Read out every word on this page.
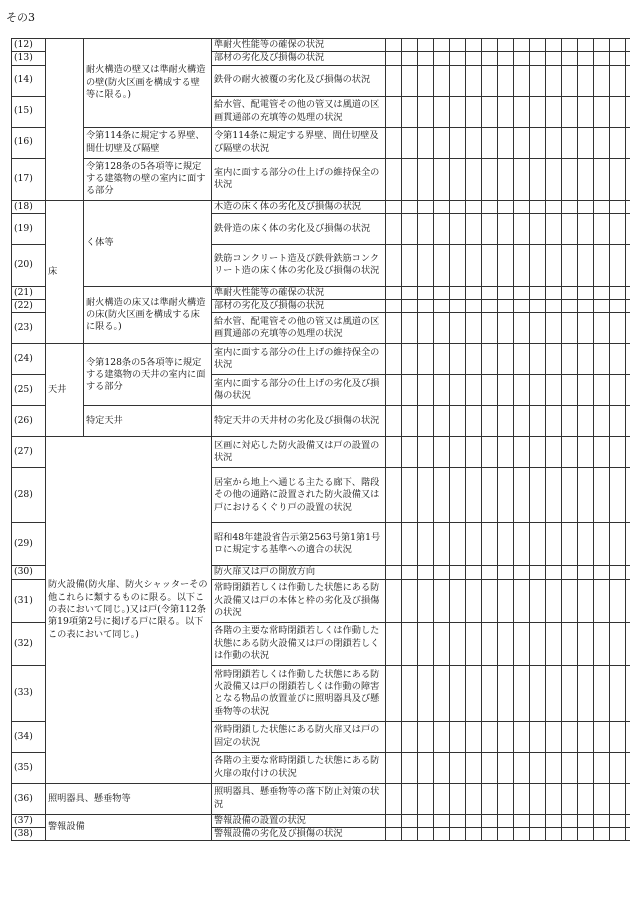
その3
(12)		耐火構造の壁又は準耐火構造の壁(防火区画を構成する壁等に限る。)	準耐火性能等の確保の状況																
(13)			部材の劣化及び損傷の状況																
(14)			鉄骨の耐火被覆の劣化及び損傷の状況																
(15)			給水管、配電管その他の管又は風道の区画貫通部の充填等の処理の状況																
(16)		令第114条に規定する界壁、間仕切壁及び隔壁	令第114条に規定する界壁、間仕切壁及び隔壁の状況																
(17)		令第128条の5各項等に規定する建築物の壁の室内に面する部分	室内に面する部分の仕上げの維持保全の状況																
(18)	床	く体等	木造の床く体の劣化及び損傷の状況																
(19)			鉄骨造の床く体の劣化及び損傷の状況																
(20)			鉄筋コンクリート造及び鉄骨鉄筋コンクリート造の床く体の劣化及び損傷の状況																
(21)		耐火構造の床又は準耐火構造の床(防火区画を構成する床に限る。)	準耐火性能等の確保の状況																
(22)			部材の劣化及び損傷の状況																
(23)			給水管、配電管その他の管又は風道の区画貫通部の充填等の処理の状況																
(24)	天井	令第128条の5各項等に規定する建築物の天井の室内に面する部分	室内に面する部分の仕上げの維持保全の状況																
(25)			室内に面する部分の仕上げの劣化及び損傷の状況																
(26)		特定天井	特定天井の天井材の劣化及び損傷の状況																
(27)	防火設備(防火扉、防火シャッターその他これらに類するものに限る。以下この表において同じ。)又は戸(令第112条第19項第2号に掲げる戸に限る。以下この表において同じ。)		区画に対応した防火設備又は戸の設置の状況																
(28)			居室から地上へ通じる主たる廊下、階段その他の通路に設置された防火設備又は戸におけるくぐり戸の設置の状況																
(29)			昭和48年建設省告示第2563号第1第1号ロに規定する基準への適合の状況																
(30)			防火扉又は戸の開放方向																
(31)			常時閉鎖若しくは作動した状態にある防火設備又は戸の本体と枠の劣化及び損傷の状況																
(32)			各階の主要な常時閉鎖若しくは作動した状態にある防火設備又は戸の閉鎖若しくは作動の状況																
(33)			常時閉鎖若しくは作動した状態にある防火設備又は戸の閉鎖若しくは作動の障害となる物品の放置並びに照明器具及び懸垂物等の状況																
(34)			常時閉鎖した状態にある防火扉又は戸の固定の状況																
(35)			各階の主要な常時閉鎖した状態にある防火扉の取付けの状況																
(36)	照明器具、懸垂物等		照明器具、懸垂物等の落下防止対策の状況																
(37)	警報設備		警報設備の設置の状況																
(38)			警報設備の劣化及び損傷の状況																
